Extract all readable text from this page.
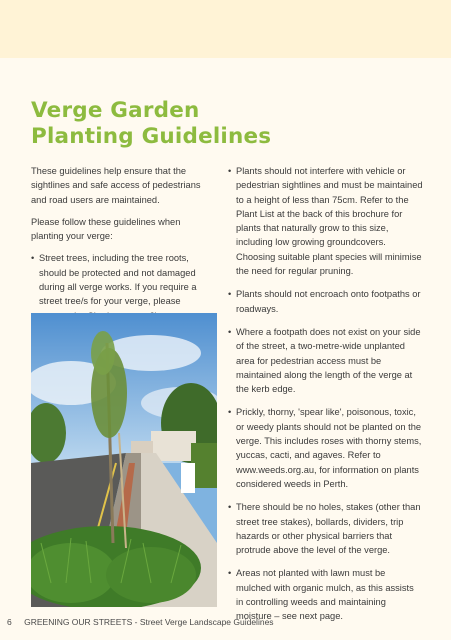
Verge Garden
Planting Guidelines

These guidelines help ensure that the sightlines and safe access of pedestrians and road users are maintained.

Please follow these guidelines when planting your verge:

• Street trees, including the tree roots, should be protected and not damaged during all verge works. If you require a street tree/s for your verge, please
• Plants should not interfere with vehicle or pedestrian sightlines and must be maintained to a height of less than 75cm. Refer to the Plant List at the back of this brochure for plants that naturally grow to this size, including low growing groundcovers. Choosing suitable plant species will minimise the need for regular pruning.
• Plants should not encroach onto footpaths or roadways.
• Where a footpath does not exist on your side of the street, a two-metre-wide unplanted area for pedestrian access must be maintained along the length of the verge at the kerb edge.
• Prickly, thorny, 'spear like', poisonous, toxic, or weedy plants should not be planted on the verge. This includes roses with thorny stems, yuccas, cacti, and agaves. Refer to www.weeds.org.au, for information on plants considered weeds in Perth.
• There should be no holes, stakes (other than street tree stakes), bollards, dividers, trip hazards or other physical barriers that protrude above the level of the verge.
• Areas not planted with lawn must be mulched with organic mulch, as this assists in controlling weeds and maintaining moisture – see next page.
6 GREENING OUR STREETS - Street Verge Landscape Guidelines
